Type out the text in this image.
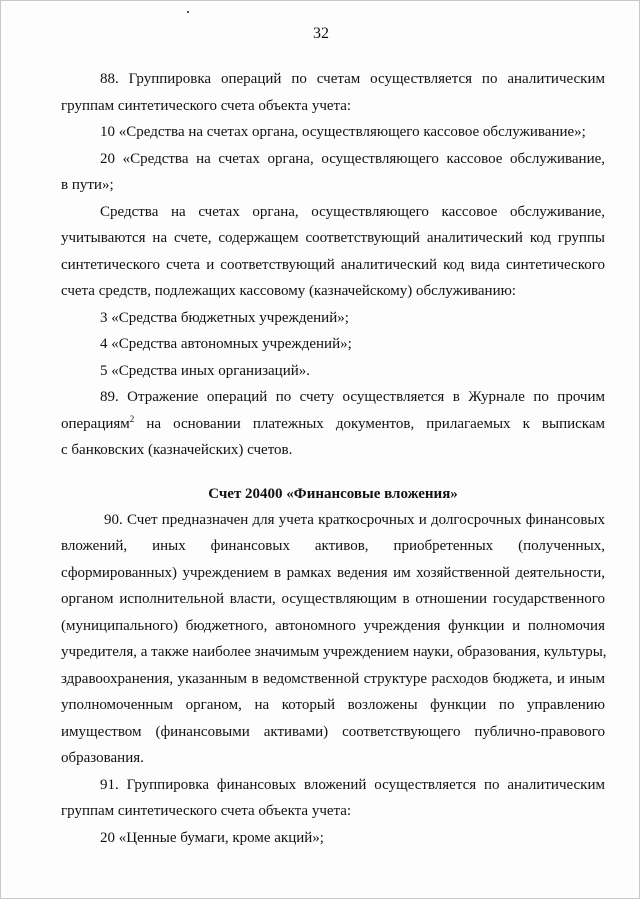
32
88. Группировка операций по счетам осуществляется по аналитическим
группам синтетического счета объекта учета:
10 «Средства на счетах органа, осуществляющего кассовое обслуживание»;
20 «Средства на счетах органа, осуществляющего кассовое обслуживание,
в пути»;
Средства на счетах органа, осуществляющего кассовое обслуживание,
учитываются на счете, содержащем соответствующий аналитический код группы
синтетического счета и соответствующий аналитический код вида синтетического
счета средств, подлежащих кассовому (казначейскому) обслуживанию:
3 «Средства бюджетных учреждений»;
4 «Средства автономных учреждений»;
5 «Средства иных организаций».
89. Отражение операций по счету осуществляется в Журнале по прочим
операциям$^2$ на основании платежных документов, прилагаемых к выпискам
с банковских (казначейских) счетов.
Счет 20400 «Финансовые вложения»
90. Счет предназначен для учета краткосрочных и долгосрочных финансовых
вложений, иных финансовых активов, приобретенных (полученных,
сформированных) учреждением в рамках ведения им хозяйственной деятельности,
органом исполнительной власти, осуществляющим в отношении государственного
(муниципального) бюджетного, автономного учреждения функции и полномочия
учредителя, а также наиболее значимым учреждением науки, образования, культуры,
здравоохранения, указанным в ведомственной структуре расходов бюджета, и иным
уполномоченным органом, на который возложены функции по управлению
имуществом (финансовыми активами) соответствующего публично-правового
образования.
91. Группировка финансовых вложений осуществляется по аналитическим
группам синтетического счета объекта учета:
20 «Ценные бумаги, кроме акций»;
